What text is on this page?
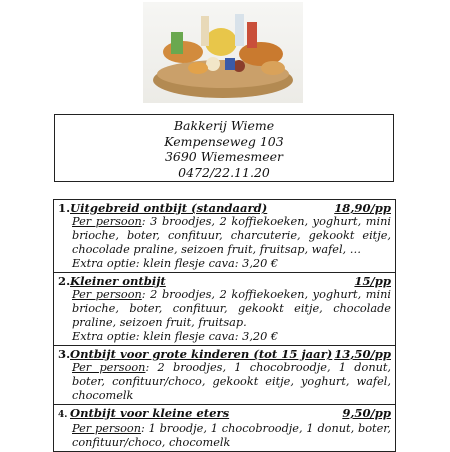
Bakkerij Wieme
Kempenseweg 103
3690 Wiemesmeer
0472/22.11.20
1.Uitgebreid ontbijt (standaard)	18,90/pp
Per persoon: 3 broodjes, 2 koffiekoeken, yoghurt, mini brioche, boter, confituur, charcuterie, gekookt eitje, chocolade praline, seizoen fruit, fruitsap, wafel, …
Extra optie: klein flesje cava: 3,20 €
2.Kleiner ontbijt	15/pp
Per persoon: 2 broodjes, 2 koffiekoeken, yoghurt, mini brioche, boter, confituur, gekookt eitje, chocolade praline, seizoen fruit, fruitsap.
Extra optie: klein flesje cava: 3,20 €
3.Ontbijt voor grote kinderen (tot 15 jaar) 13,50/pp
Per persoon: 2 broodjes, 1 chocobroodje, 1 donut, boter, confituur/choco, gekookt eitje, yoghurt, wafel, chocomelk
4. Ontbijt voor kleine eters	9,50/pp
Per persoon: 1 broodje, 1 chocobroodje, 1 donut, boter, confituur/choco, chocomelk
